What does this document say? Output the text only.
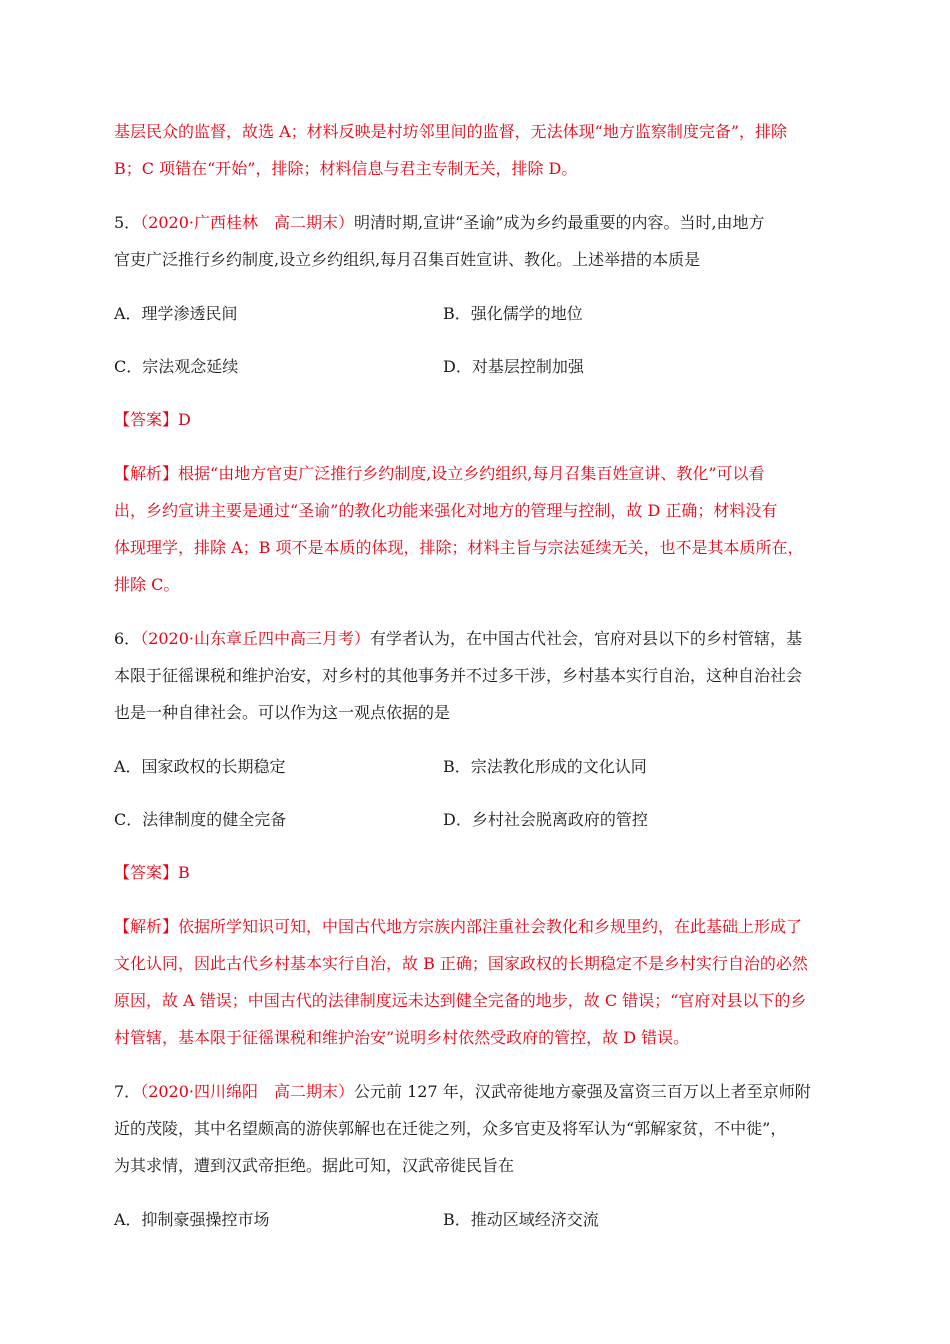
基层民众的监督，故选 A；材料反映是村坊邻里间的监督，无法体现“地方监察制度完备”，排除
B；C 项错在“开始”，排除；材料信息与君主专制无关，排除 D。
5．（2020·广西桂林　高二期末）明清时期,宣讲“圣谕”成为乡约最重要的内容。当时,由地方
官吏广泛推行乡约制度,设立乡约组织,每月召集百姓宣讲、教化。上述举措的本质是
A．理学渗透民间	B．强化儒学的地位
C．宗法观念延续	D．对基层控制加强
【答案】D
【解析】根据“由地方官吏广泛推行乡约制度,设立乡约组织,每月召集百姓宣讲、教化”可以看
出，乡约宣讲主要是通过“圣谕”的教化功能来强化对地方的管理与控制，故 D 正确；材料没有
体现理学，排除 A；B 项不是本质的体现，排除；材料主旨与宗法延续无关，也不是其本质所在，
排除 C。
6．（2020·山东章丘四中高三月考）有学者认为，在中国古代社会，官府对县以下的乡村管辖，基
本限于征徭课税和维护治安，对乡村的其他事务并不过多干涉，乡村基本实行自治，这种自治社会
也是一种自律社会。可以作为这一观点依据的是
A．国家政权的长期稳定	B．宗法教化形成的文化认同
C．法律制度的健全完备	D．乡村社会脱离政府的管控
【答案】B
【解析】依据所学知识可知，中国古代地方宗族内部注重社会教化和乡规里约，在此基础上形成了
文化认同，因此古代乡村基本实行自治，故 B 正确；国家政权的长期稳定不是乡村实行自治的必然
原因，故 A 错误；中国古代的法律制度远未达到健全完备的地步，故 C 错误；“官府对县以下的乡
村管辖，基本限于征徭课税和维护治安”说明乡村依然受政府的管控，故 D 错误。
7．（2020·四川绵阳　高二期末）公元前 127 年，汉武帝徙地方豪强及富资三百万以上者至京师附
近的茂陵，其中名望颇高的游侠郭解也在迁徙之列，众多官吏及将军认为“郭解家贫，不中徙”，
为其求情，遭到汉武帝拒绝。据此可知，汉武帝徙民旨在
A．抑制豪强操控市场	B．推动区域经济交流
